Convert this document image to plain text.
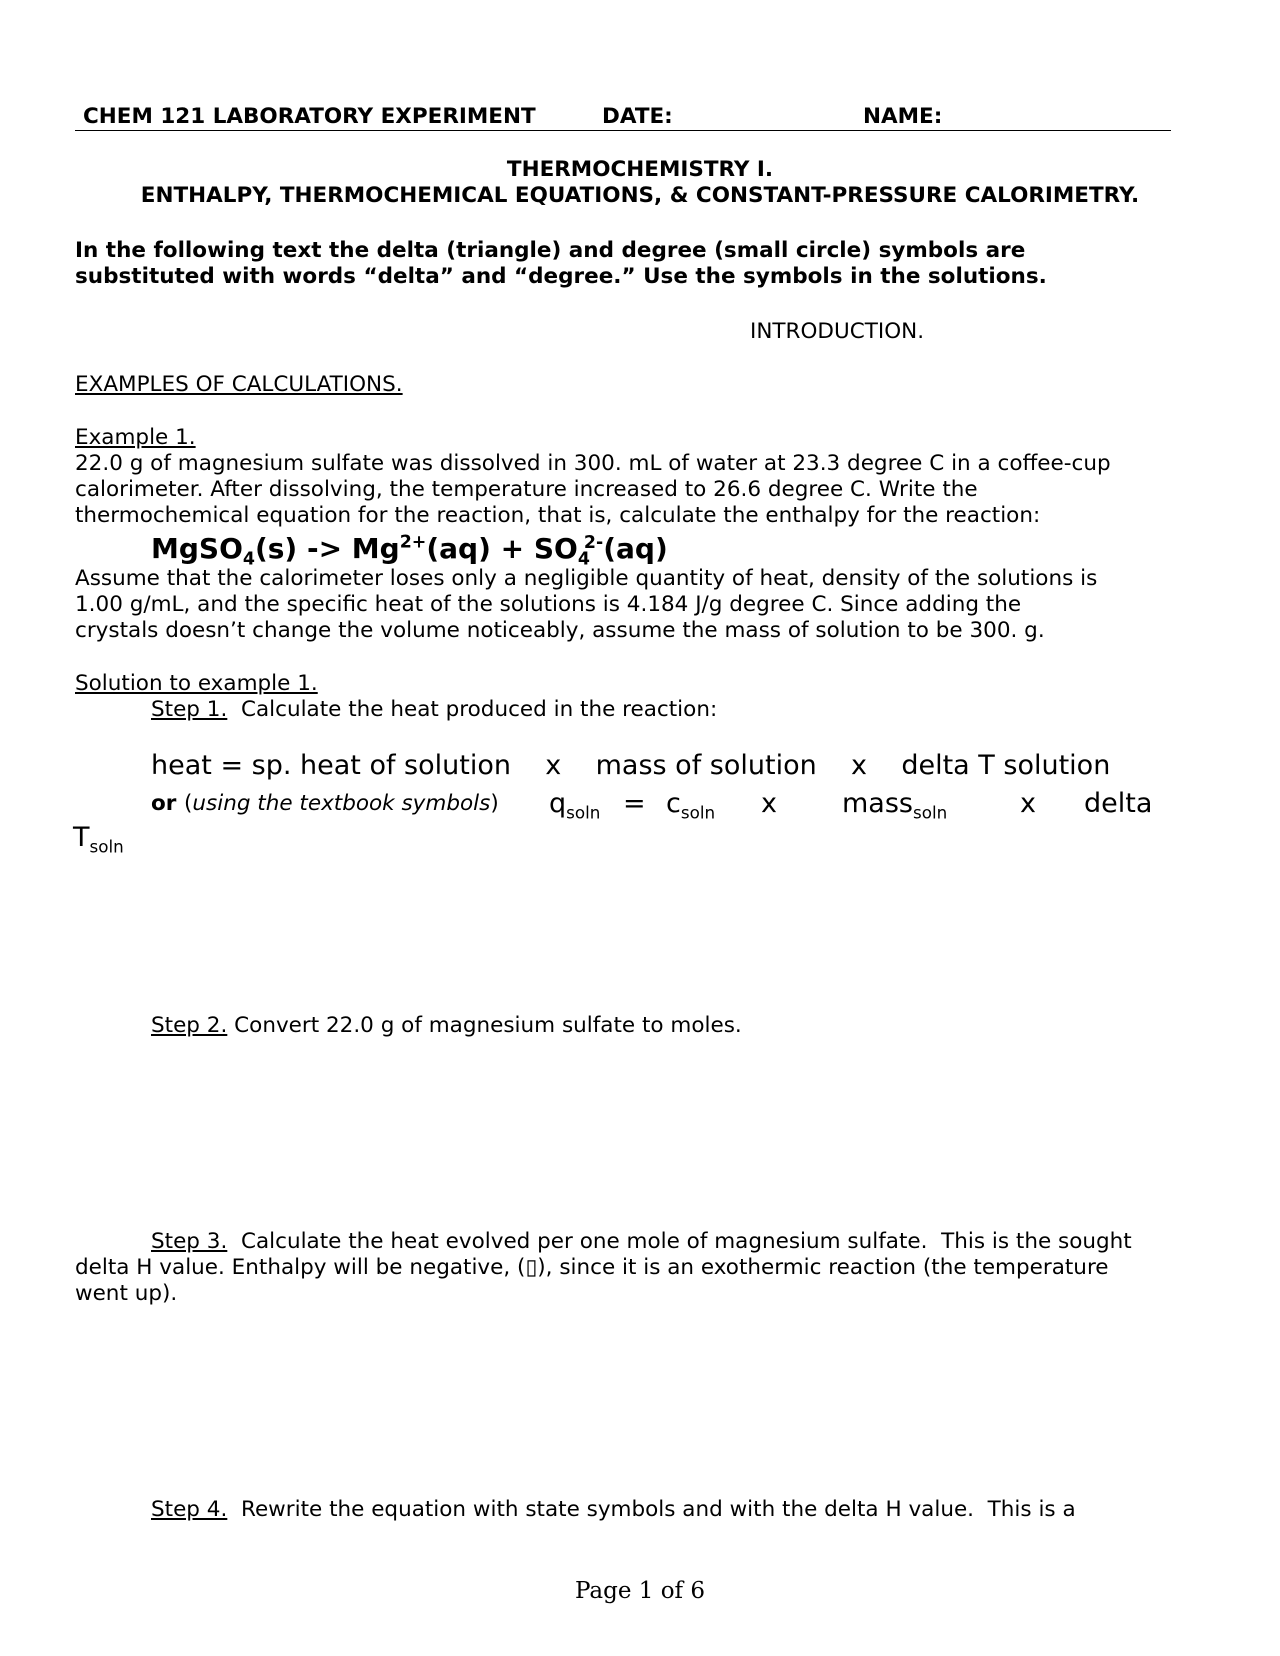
CHEM 121 LABORATORY EXPERIMENT	DATE:	NAME:
THERMOCHEMISTRY I.
ENTHALPY, THERMOCHEMICAL EQUATIONS, & CONSTANT-PRESSURE CALORIMETRY.
In the following text the delta (triangle) and degree (small circle) symbols are
substituted with words “delta” and “degree.” Use the symbols in the solutions.
INTRODUCTION.
EXAMPLES OF CALCULATIONS.
Example 1.
22.0 g of magnesium sulfate was dissolved in 300. mL of water at 23.3 degree C in a coffee-cup
calorimeter. After dissolving, the temperature increased to 26.6 degree C. Write the
thermochemical equation for the reaction, that is, calculate the enthalpy for the reaction:
MgSO$_4$(s) -> $Mg^{2+}(aq) + SO_4^{2-}(aq)$
Assume that the calorimeter loses only a negligible quantity of heat, density of the solutions is
1.00 g/mL, and the specific heat of the solutions is 4.184 J/g degree C. Since adding the
crystals doesn’t change the volume noticeably, assume the mass of solution to be 300. g.
Solution to example 1.
Step 1.  Calculate the heat produced in the reaction:
heat = sp. heat of solution    x    mass of solution    x    delta T solution
or (using the textbook symbols) $q_{soln} = c_{soln}$ x mass$_{soln}$	x delta
$T_{soln}$
Step 2. Convert 22.0 g of magnesium sulfate to moles.
Step 3.  Calculate the heat evolved per one mole of magnesium sulfate.  This is the sought
delta H value. Enthalpy will be negative, (▯), since it is an exothermic reaction (the temperature
went up).
Step 4.  Rewrite the equation with state symbols and with the delta H value.  This is a
Page 1 of 6
